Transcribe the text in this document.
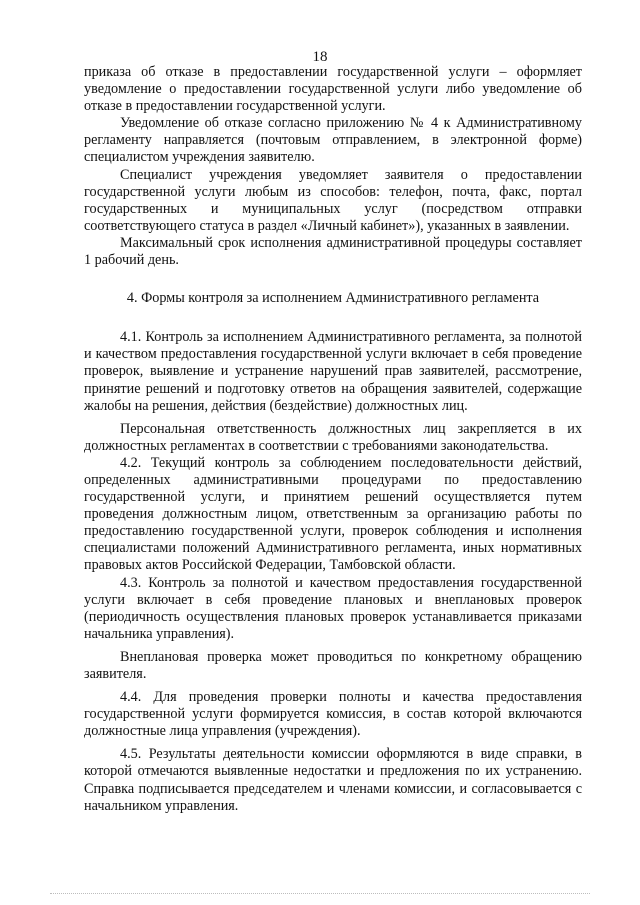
18

приказа об отказе в предоставлении государственной услуги – оформляет уведомление о предоставлении государственной услуги либо уведомление об отказе в предоставлении государственной услуги.

Уведомление об отказе согласно приложению № 4 к Административному регламенту направляется (почтовым отправлением, в электронной форме) специалистом учреждения заявителю.

Специалист учреждения уведомляет заявителя о предоставлении государственной услуги любым из способов: телефон, почта, факс, портал государственных и муниципальных услуг (посредством отправки соответствующего статуса в раздел «Личный кабинет»), указанных в заявлении.

Максимальный срок исполнения административной процедуры составляет 1 рабочий день.

4. Формы контроля за исполнением Административного регламента

4.1. Контроль за исполнением Административного регламента, за полнотой и качеством предоставления государственной услуги включает в себя проведение проверок, выявление и устранение нарушений прав заявителей, рассмотрение, принятие решений и подготовку ответов на обращения заявителей, содержащие жалобы на решения, действия (бездействие) должностных лиц.

Персональная ответственность должностных лиц закрепляется в их должностных регламентах в соответствии с требованиями законодательства.

4.2. Текущий контроль за соблюдением последовательности действий, определенных административными процедурами по предоставлению государственной услуги, и принятием решений осуществляется путем проведения должностным лицом, ответственным за организацию работы по предоставлению государственной услуги, проверок соблюдения и исполнения специалистами положений Административного регламента, иных нормативных правовых актов Российской Федерации, Тамбовской области.

4.3. Контроль за полнотой и качеством предоставления государственной услуги включает в себя проведение плановых и внеплановых проверок (периодичность осуществления плановых проверок устанавливается приказами начальника управления).

Внеплановая проверка может проводиться по конкретному обращению заявителя.

4.4. Для проведения проверки полноты и качества предоставления государственной услуги формируется комиссия, в состав которой включаются должностные лица управления (учреждения).

4.5. Результаты деятельности комиссии оформляются в виде справки, в которой отмечаются выявленные недостатки и предложения по их устранению. Справка подписывается председателем и членами комиссии, и согласовывается с начальником управления.
